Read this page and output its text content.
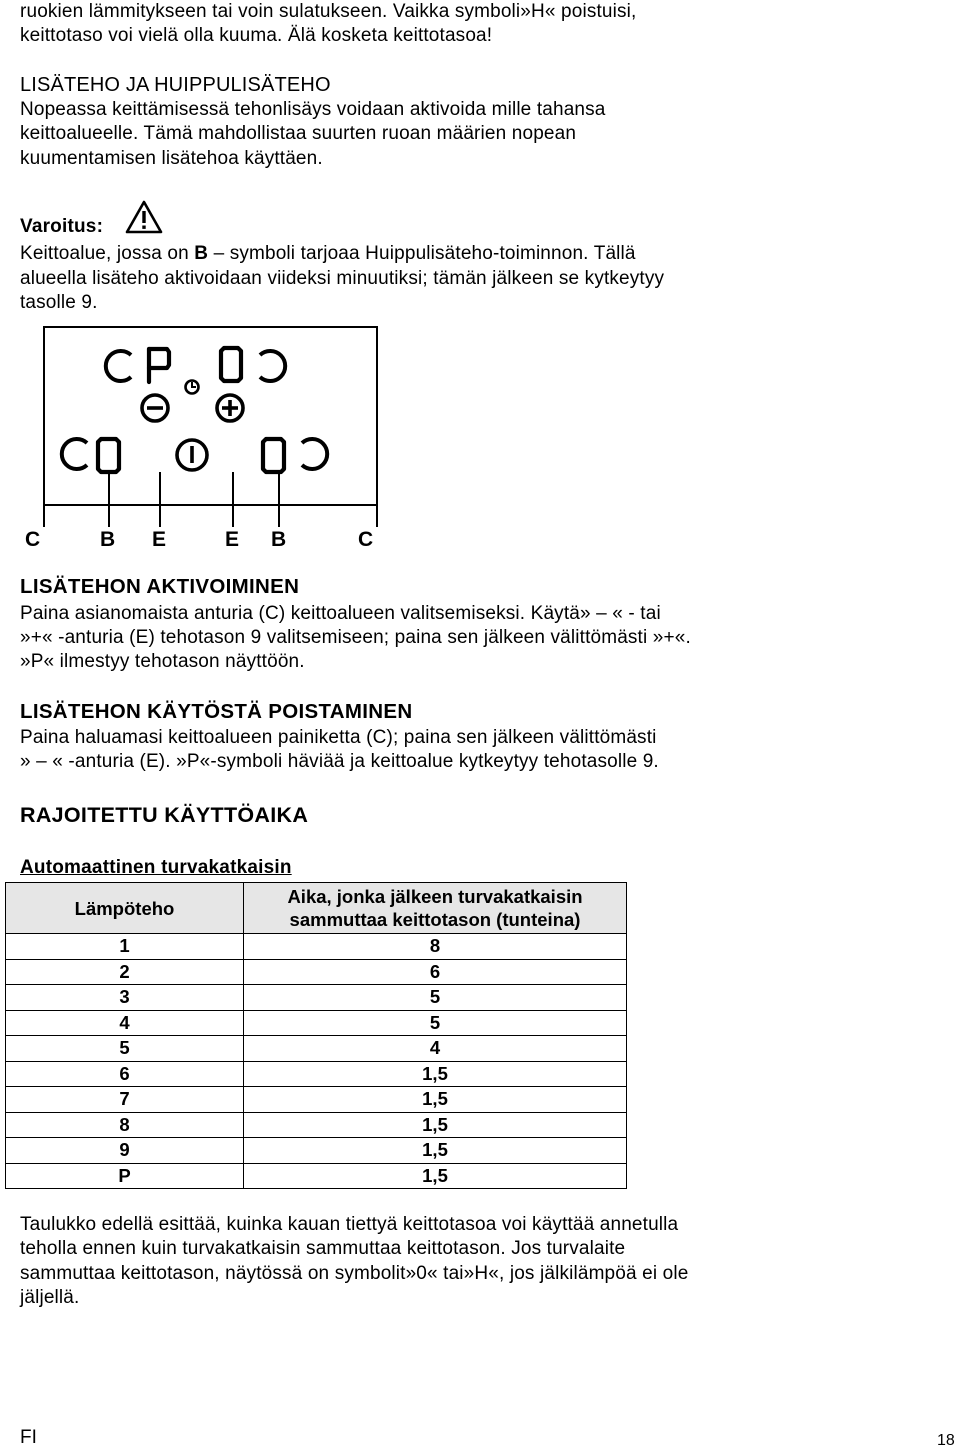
ruokien lämmitykseen tai voin sulatukseen. Vaikka symboli»H« poistuisi,

keittotaso voi vielä olla kuuma. Älä kosketa keittotasoa!

LISÄTEHO JA HUIPPULISÄTEHO

Nopeassa keittämisessä tehonlisäys voidaan aktivoida mille tahansa

keittoalueelle. Tämä mahdollistaa suurten ruoan määrien nopean

kuumentamisen lisätehoa käyttäen.

Varoitus:

Keittoalue, jossa on B – symboli tarjoaa Huippulisäteho-toiminnon. Tällä

alueella lisäteho aktivoidaan viideksi minuutiksi; tämän jälkeen se kytkeytyy

tasolle 9.

C	B E	E B	C

LISÄTEHON AKTIVOIMINEN

Paina asianomaista anturia (C) keittoalueen valitsemiseksi. Käytä» – « - tai

»+« -anturia (E) tehotason 9 valitsemiseen; paina sen jälkeen välittömästi »+«.

»P« ilmestyy tehotason näyttöön.

LISÄTEHON KÄYTÖSTÄ POISTAMINEN

Paina haluamasi keittoalueen painiketta (C); paina sen jälkeen välittömästi

» – « -anturia (E). »P«-symboli häviää ja keittoalue kytkeytyy tehotasolle 9.

RAJOITETTU KÄYTTÖAIKA

Automaattinen turvakatkaisin

Lämpöteho	Aika, jonka jälkeen turvakatkaisin
sammuttaa keittotason (tunteina)
1	8
2	6
3	5
4	5
5	4
6	1,5
7	1,5
8	1,5
9	1,5
P	1,5

Taulukko edellä esittää, kuinka kauan tiettyä keittotasoa voi käyttää annetulla

teholla ennen kuin turvakatkaisin sammuttaa keittotason. Jos turvalaite

sammuttaa keittotason, näytössä on symbolit»0« tai»H«, jos jälkilämpöä ei ole

jäljellä.

FI	18
